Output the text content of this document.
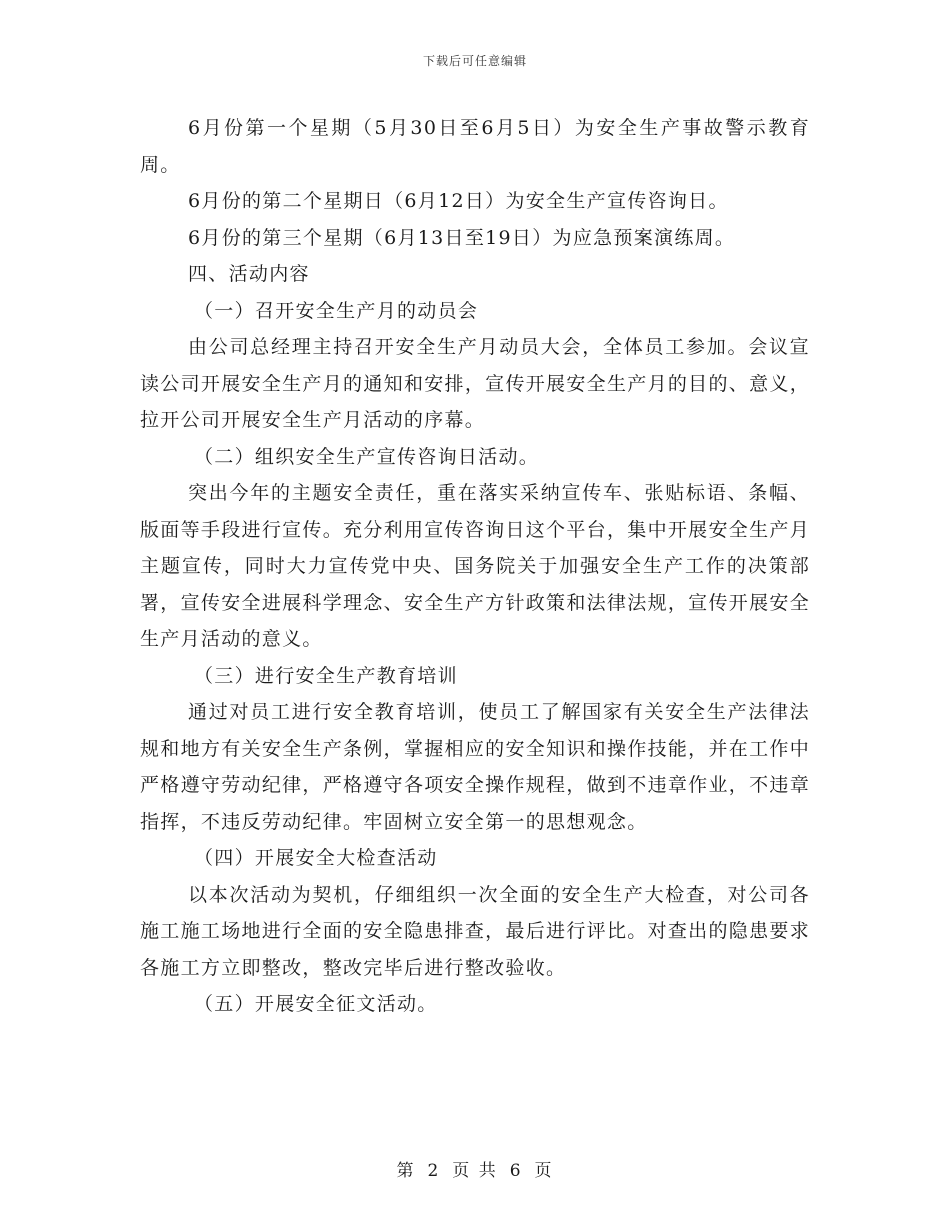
下载后可任意编辑

6月份第一个星期（5月30日至6月5日）为安全生产事故警示教育周。

6月份的第二个星期日（6月12日）为安全生产宣传咨询日。

6月份的第三个星期（6月13日至19日）为应急预案演练周。

四、活动内容

（一）召开安全生产月的动员会

由公司总经理主持召开安全生产月动员大会，全体员工参加。会议宣读公司开展安全生产月的通知和安排，宣传开展安全生产月的目的、意义，拉开公司开展安全生产月活动的序幕。

（二）组织安全生产宣传咨询日活动。

突出今年的主题安全责任，重在落实采纳宣传车、张贴标语、条幅、版面等手段进行宣传。充分利用宣传咨询日这个平台，集中开展安全生产月主题宣传，同时大力宣传党中央、国务院关于加强安全生产工作的决策部署，宣传安全进展科学理念、安全生产方针政策和法律法规，宣传开展安全生产月活动的意义。

（三）进行安全生产教育培训

通过对员工进行安全教育培训，使员工了解国家有关安全生产法律法规和地方有关安全生产条例，掌握相应的安全知识和操作技能，并在工作中严格遵守劳动纪律，严格遵守各项安全操作规程，做到不违章作业，不违章指挥，不违反劳动纪律。牢固树立安全第一的思想观念。

（四）开展安全大检查活动

以本次活动为契机，仔细组织一次全面的安全生产大检查，对公司各施工施工场地进行全面的安全隐患排查，最后进行评比。对查出的隐患要求各施工方立即整改，整改完毕后进行整改验收。

（五）开展安全征文活动。

第 2 页 共 6 页
